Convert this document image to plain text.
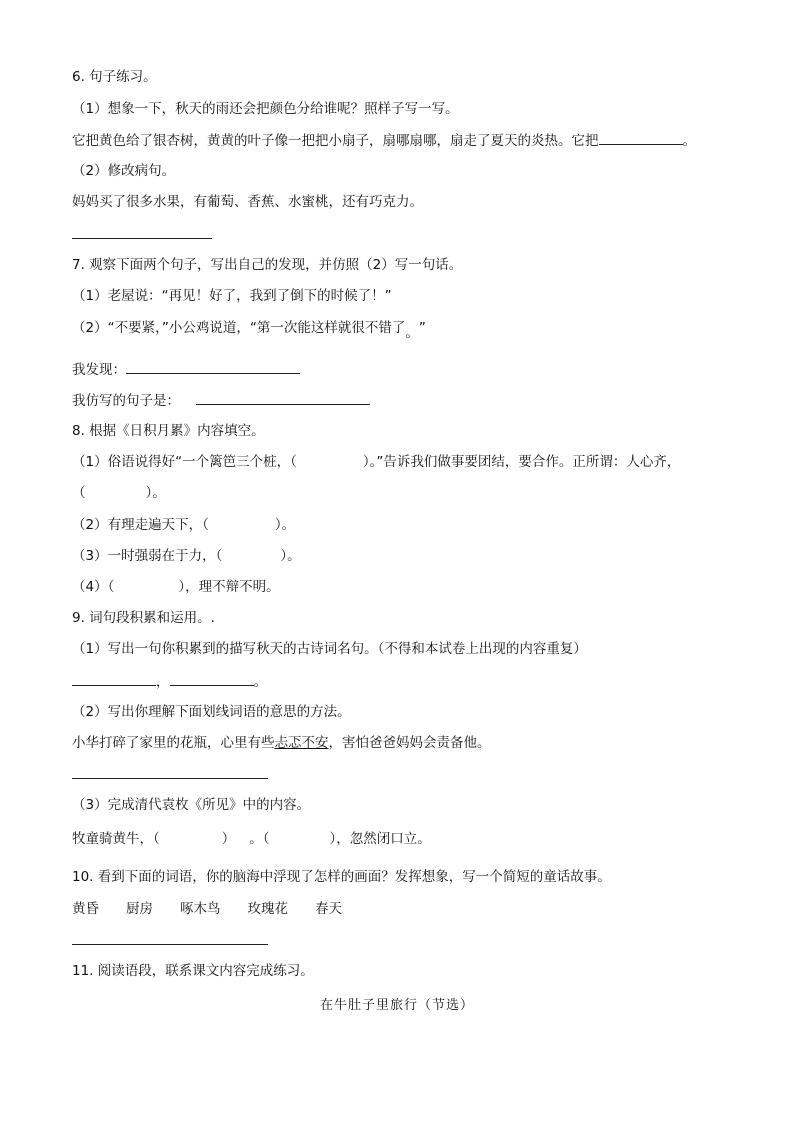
6. 句子练习。
（1）想象一下，秋天的雨还会把颜色分给谁呢？照样子写一写。
它把黄色给了银杏树，黄黄的叶子像一把把小扇子，扇哪扇哪，扇走了夏天的炎热。它把	。
（2）修改病句。
妈妈买了很多水果，有葡萄、香蕉、水蜜桃，还有巧克力。
7. 观察下面两个句子，写出自己的发现，并仿照（2）写一句话。
（1）老屋说：“再见！好了，我到了倒下的时候了！”
（2）“不要紧，”小公鸡说道，“第一次能这样就很不错了。”
我发现：
我仿写的句子是：
8. 根据《日积月累》内容填空。
（1）俗语说得好“一个篱笆三个桩，（	）。”告诉我们做事要团结，要合作。正所谓：人心齐，
（	）。
（2）有理走遍天下，（	）。
（3）一时强弱在于力，（	）。
（4）（	），理不辩不明。
9. 词句段积累和运用。.
（1）写出一句你积累到的描写秋天的古诗词名句。（不得和本试卷上出现的内容重复）
，	。
（2）写出你理解下面划线词语的意思的方法。
小华打碎了家里的花瓶，心里有些忐忑不安，害怕爸爸妈妈会责备他。
（3）完成清代袁枚《所见》中的内容。
牧童骑黄牛，（	） 。（	），忽然闭口立。
10. 看到下面的词语，你的脑海中浮现了怎样的画面？发挥想象，写一个简短的童话故事。
黄昏 厨房 啄木鸟 玫瑰花 春天
11. 阅读语段，联系课文内容完成练习。
在牛肚子里旅行（节选）
